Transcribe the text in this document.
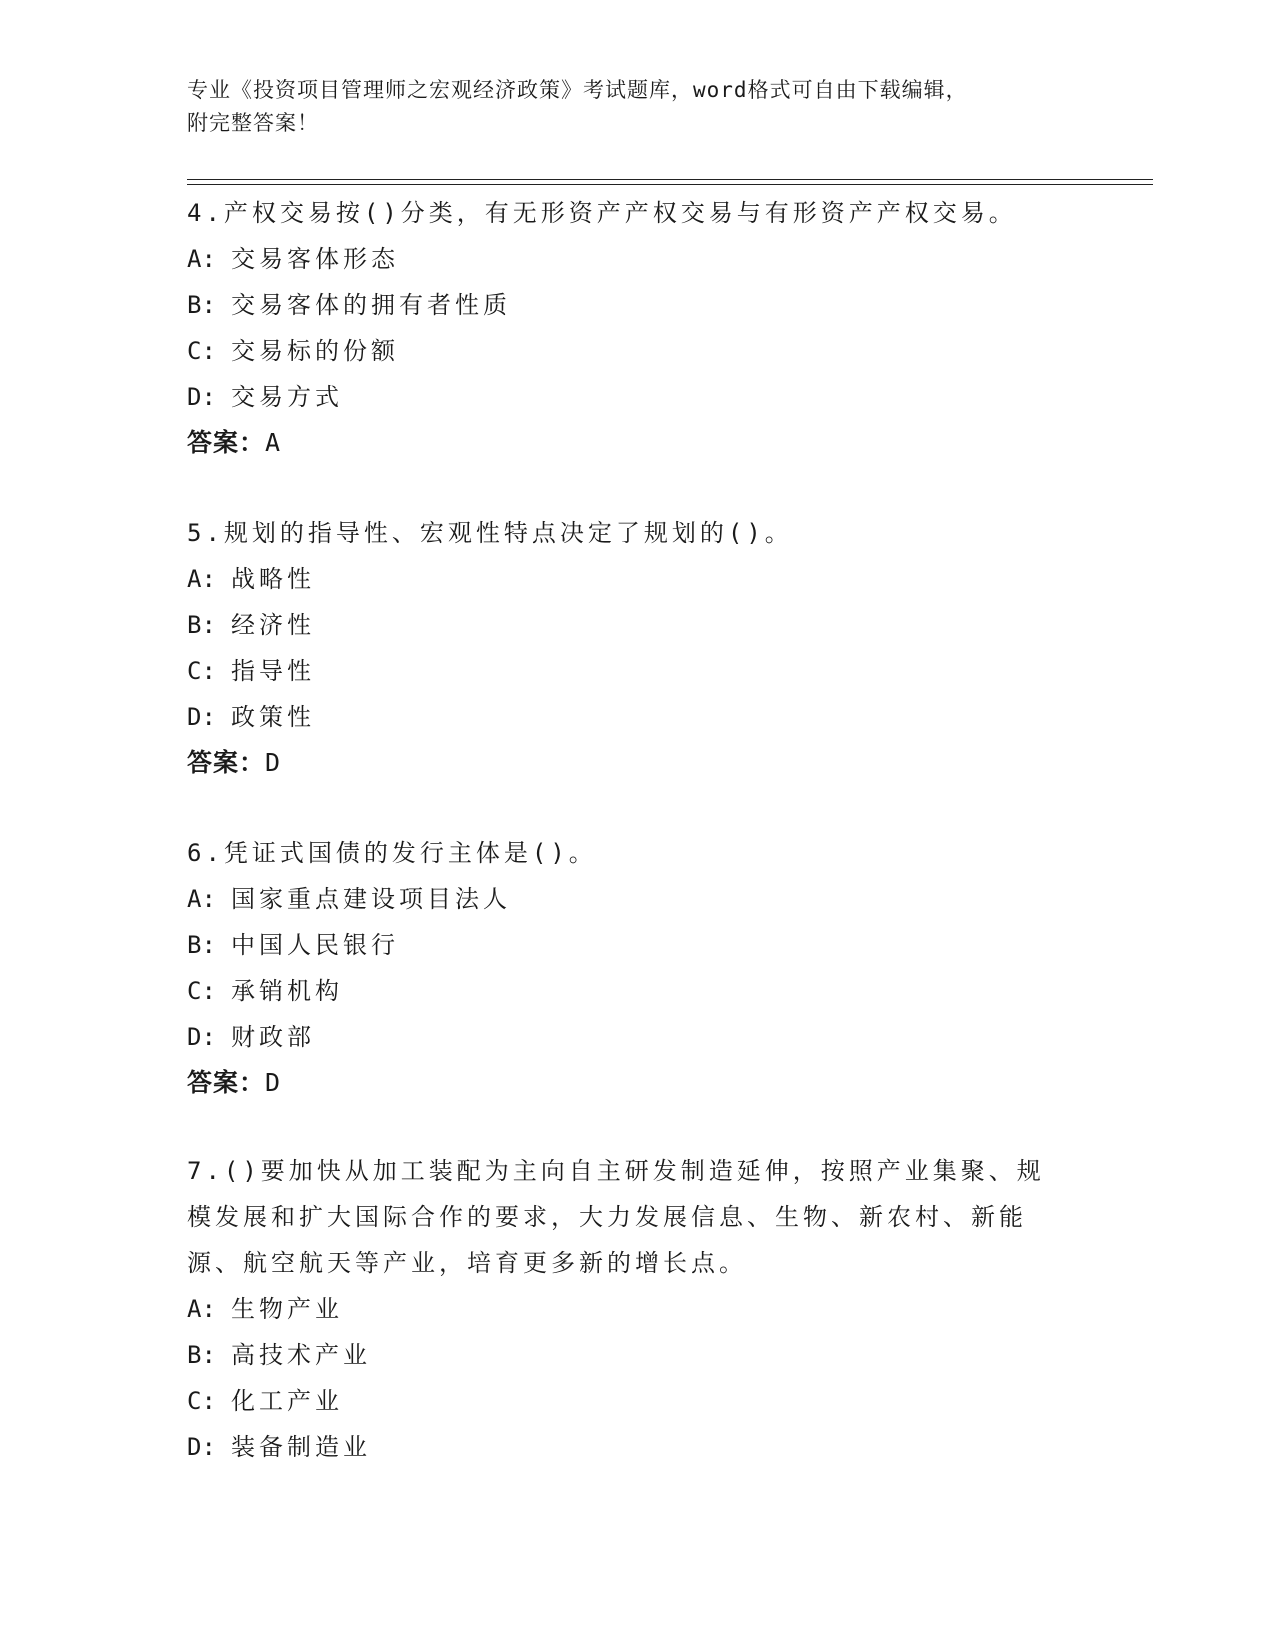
专业《投资项目管理师之宏观经济政策》考试题库，word格式可自由下载编辑，
附完整答案！
4.产权交易按()分类，有无形资产产权交易与有形资产产权交易。
A: 交易客体形态
B: 交易客体的拥有者性质
C: 交易标的份额
D: 交易方式
答案：A
5.规划的指导性、宏观性特点决定了规划的()。
A: 战略性
B: 经济性
C: 指导性
D: 政策性
答案：D
6.凭证式国债的发行主体是()。
A: 国家重点建设项目法人
B: 中国人民银行
C: 承销机构
D: 财政部
答案：D
7.()要加快从加工装配为主向自主研发制造延伸，按照产业集聚、规
模发展和扩大国际合作的要求，大力发展信息、生物、新农村、新能
源、航空航天等产业，培育更多新的增长点。
A: 生物产业
B: 高技术产业
C: 化工产业
D: 装备制造业
